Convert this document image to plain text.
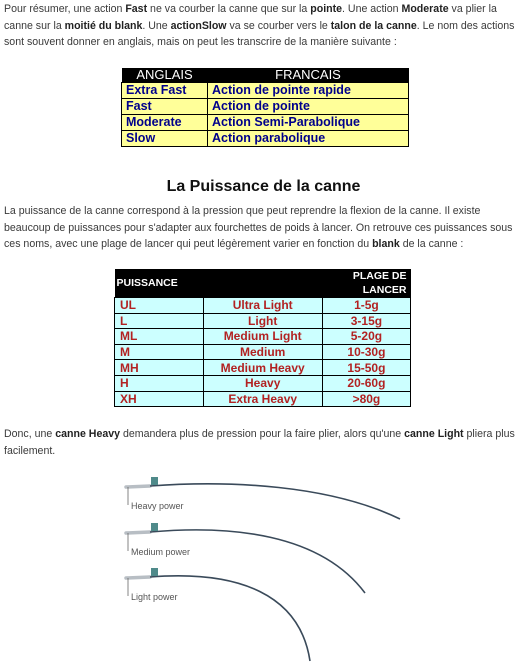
Pour résumer, une action Fast ne va courber la canne que sur la pointe. Une action Moderate va plier la canne sur la moitié du blank. Une actionSlow va se courber vers le talon de la canne. Le nom des actions sont souvent donner en anglais, mais on peut les transcrire de la manière suivante :
ANGLAIS	FRANCAIS
Extra Fast	Action de pointe rapide
Fast	Action de pointe
Moderate	Action Semi-Parabolique
Slow	Action parabolique
La Puissance de la canne
La puissance de la canne correspond à la pression que peut reprendre la flexion de la canne. Il existe beaucoup de puissances pour s'adapter aux fourchettes de poids à lancer. On retrouve ces puissances sous ces noms, avec une plage de lancer qui peut légèrement varier en fonction du blank de la canne :
PUISSANCE		PLAGE DE LANCER
UL	Ultra Light	1-5g
L	Light	3-15g
ML	Medium Light	5-20g
M	Medium	10-30g
MH	Medium Heavy	15-50g
H	Heavy	20-60g
XH	Extra Heavy	>80g
Donc, une canne Heavy demandera plus de pression pour la faire plier, alors qu'une canne Light pliera plus facilement.
Heavy power
Medium power
Light power
